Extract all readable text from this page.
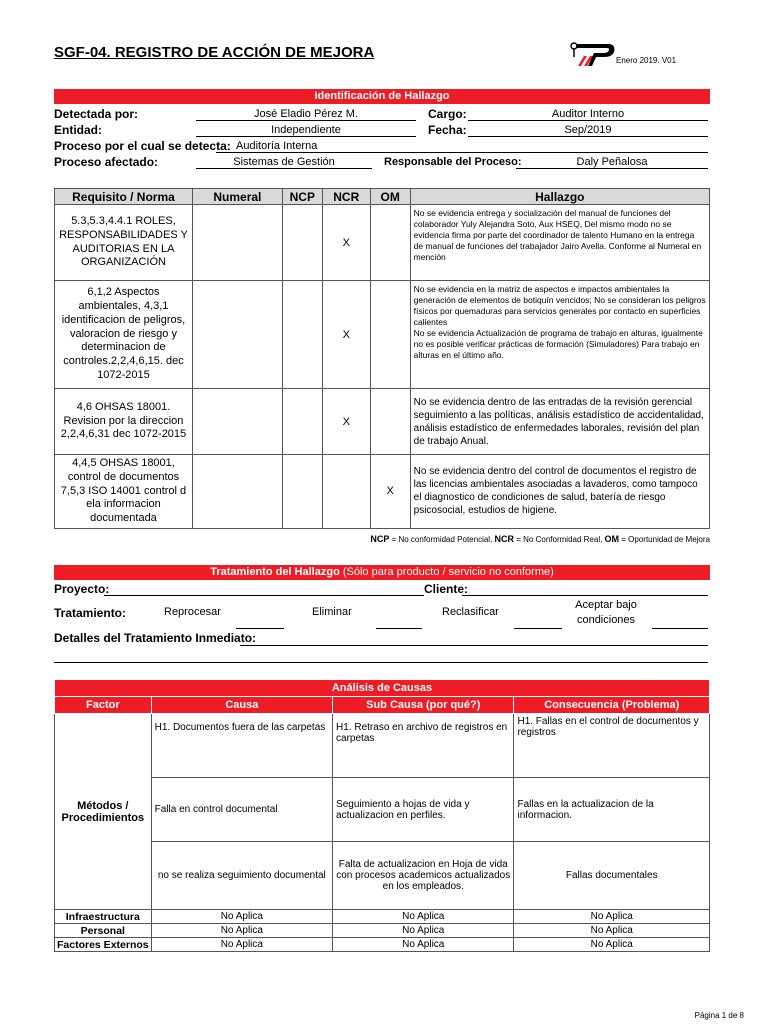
SGF-04. REGISTRO DE ACCIÓN DE MEJORA	Enero 2019. V01
Identificación de Hallazgo
Detectada por:	José Eladio Pérez M.	Cargo:	Auditor Interno
Entidad:	Independiente	Fecha:	Sep/2019
Proceso por el cual se detecta: Auditoría Interna
Proceso afectado:	Sistemas de Gestión	Responsable del Proceso:	Daly Peñalosa
Requisito / Norma	Numeral	NCP	NCR	OM	Hallazgo
5.3,5.3,4.4.1 ROLES, RESPONSABILIDADES Y AUDITORIAS EN LA ORGANIZACIÓN			X		No se evidencia entrega y socialización del manual de funciones del colaborador Yuly Alejandra Soto, Aux HSEQ, Del mismo modo no se evidencia firma por parte del coordinador de talento Humano en la entrega de manual de funciones del trabajador Jairo Avella. Conforme al Numeral en mención
6,1,2 Aspectos ambientales, 4,3,1 identificacion de peligros, valoracion de riesgo y determinacion de controles.2,2,4,6,15. dec 1072-2015			X		No se evidencia en la matriz de aspectos e impactos ambientales la generación de elementos de botiquín vencidos; No se consideran los peligros físicos por quemaduras para servicios generales por contacto en superficies calientes
No se evidencia Actualización de programa de trabajo en alturas, igualmente no es posible verificar prácticas de formación (Simuladores) Para trabajo en alturas en el último año.

4,6 OHSAS 18001. Revision por la direccion 2,2,4,6,31 dec 1072-2015			X		No se evidencia dentro de las entradas de la revisión gerencial seguimiento a las políticas, análisis estadístico de accidentalidad, análisis estadístico de enfermedades laborales, revisión del plan de trabajo Anual.
4,4,5 OHSAS 18001, control de documentos 7,5,3 ISO 14001 control d ela informacion documentada				X	No se evidencia dentro del control de documentos el registro de las licencias ambientales asociadas a lavaderos, como tampoco el diagnostico de condiciones de salud, batería de riesgo psicosocial, estudios de higiene.
NCP = No conformidad Potencial, NCR = No Conformidad Real, OM = Oportunidad de Mejora
Tratamiento del Hallazgo (Sólo para producto / servicio no conforme)
Proyecto:	Cliente:
Tratamiento:	Reprocesar	Eliminar	Reclasificar
Aceptar bajo condiciones
Detalles del Tratamiento Inmediato:
Análisis de Causas			
Factor	Causa	Sub Causa (por qué?)	Consecuencia (Problema)
Métodos / Procedimientos	H1. Documentos fuera de las carpetas	H1. Retraso en archivo de registros en carpetas	H1. Fallas en el control de documentos y registros
	Falla en control documental	Seguimiento a hojas de vida y actualizacion en perfiles.	Fallas en la actualizacion de la informacion.
	no se realiza seguimiento documental	Falta de actualizacion en Hoja de vida con procesos academicos actualizados en los empleados.	Fallas documentales
Infraestructura	No Aplica	No Aplica	No Aplica
Personal	No Aplica	No Aplica	No Aplica
Factores Externos	No Aplica	No Aplica	No Aplica
Página 1 de 8
